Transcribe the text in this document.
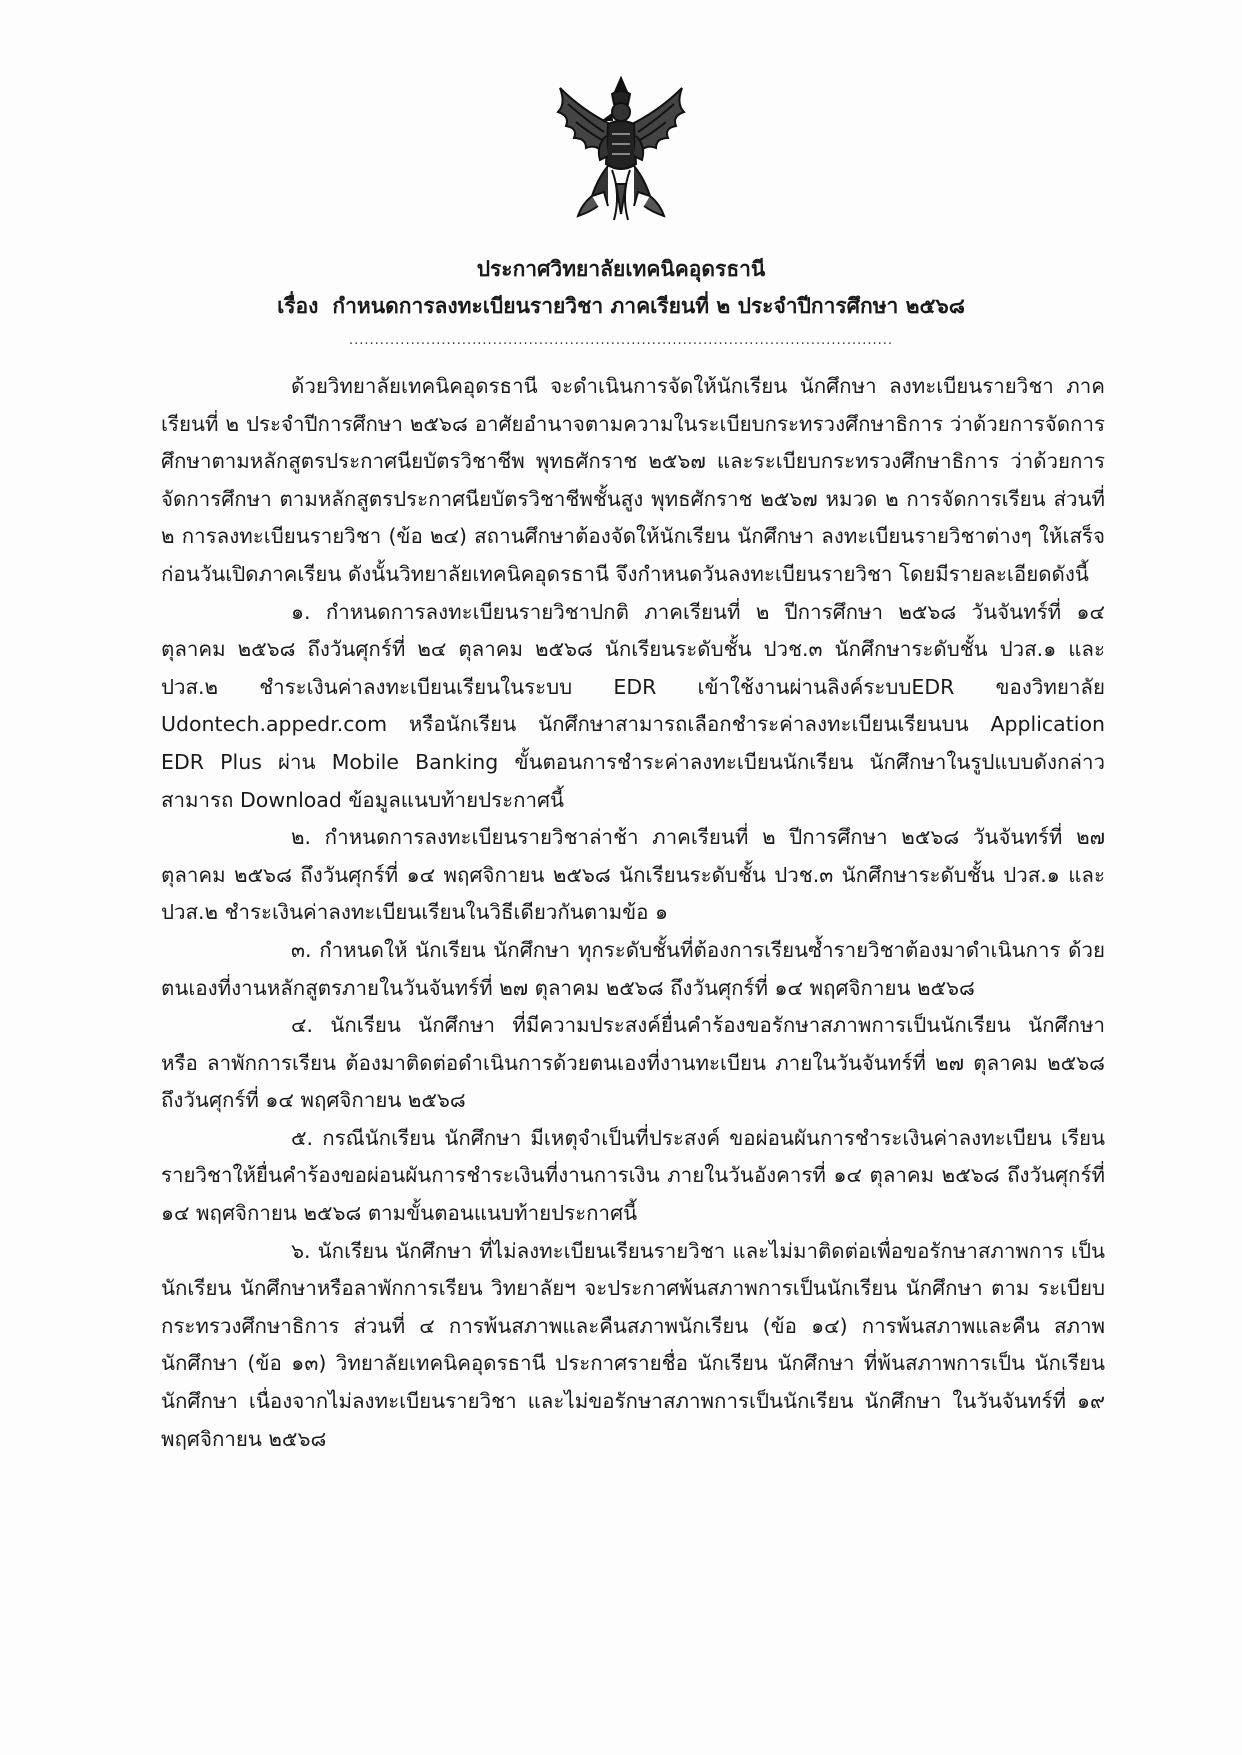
ประกาศวิทยาลัยเทคนิคอุดรธานี
เรื่อง กำหนดการลงทะเบียนรายวิชา ภาคเรียนที่ ๒ ประจำปีการศึกษา ๒๕๖๘
..........................................................................................................

ด้วยวิทยาลัยเทคนิคอุดรธานี จะดำเนินการจัดให้นักเรียน นักศึกษา ลงทะเบียนรายวิชา ภาคเรียนที่ ๒ ประจำปีการศึกษา ๒๕๖๘ อาศัยอำนาจตามความในระเบียบกระทรวงศึกษาธิการ ว่าด้วยการจัดการศึกษาตามหลักสูตรประกาศนียบัตรวิชาชีพ พุทธศักราช ๒๕๖๗ และระเบียบกระทรวงศึกษาธิการ ว่าด้วยการจัดการศึกษา ตามหลักสูตรประกาศนียบัตรวิชาชีพชั้นสูง พุทธศักราช ๒๕๖๗ หมวด ๒ การจัดการเรียน ส่วนที่ ๒ การลงทะเบียนรายวิชา (ข้อ ๒๔) สถานศึกษาต้องจัดให้นักเรียน นักศึกษา ลงทะเบียนรายวิชาต่างๆ ให้เสร็จก่อนวันเปิดภาคเรียน ดังนั้นวิทยาลัยเทคนิคอุดรธานี จึงกำหนดวันลงทะเบียนรายวิชา โดยมีรายละเอียดดังนี้

๑. กำหนดการลงทะเบียนรายวิชาปกติ ภาคเรียนที่ ๒ ปีการศึกษา ๒๕๖๘ วันจันทร์ที่ ๑๔ ตุลาคม ๒๕๖๘ ถึงวันศุกร์ที่ ๒๔ ตุลาคม ๒๕๖๘ นักเรียนระดับชั้น ปวช.๓ นักศึกษาระดับชั้น ปวส.๑ และ ปวส.๒ ชำระเงินค่าลงทะเบียนเรียนในระบบ EDR เข้าใช้งานผ่านลิงค์ระบบEDR ของวิทยาลัย Udontech.appedr.com หรือนักเรียน นักศึกษาสามารถเลือกชำระค่าลงทะเบียนเรียนบน Application EDR Plus ผ่าน Mobile Banking ขั้นตอนการชำระค่าลงทะเบียนนักเรียน นักศึกษาในรูปแบบดังกล่าว สามารถ Download ข้อมูลแนบท้ายประกาศนี้

๒. กำหนดการลงทะเบียนรายวิชาล่าช้า ภาคเรียนที่ ๒ ปีการศึกษา ๒๕๖๘ วันจันทร์ที่ ๒๗ ตุลาคม ๒๕๖๘ ถึงวันศุกร์ที่ ๑๔ พฤศจิกายน ๒๕๖๘ นักเรียนระดับชั้น ปวช.๓ นักศึกษาระดับชั้น ปวส.๑ และ ปวส.๒ ชำระเงินค่าลงทะเบียนเรียนในวิธีเดียวกันตามข้อ ๑

๓. กำหนดให้ นักเรียน นักศึกษา ทุกระดับชั้นที่ต้องการเรียนซ้ำรายวิชาต้องมาดำเนินการ ด้วยตนเองที่งานหลักสูตรภายในวันจันทร์ที่ ๒๗ ตุลาคม ๒๕๖๘ ถึงวันศุกร์ที่ ๑๔ พฤศจิกายน ๒๕๖๘

๔. นักเรียน นักศึกษา ที่มีความประสงค์ยื่นคำร้องขอรักษาสภาพการเป็นนักเรียน นักศึกษา หรือ ลาพักการเรียน ต้องมาติดต่อดำเนินการด้วยตนเองที่งานทะเบียน ภายในวันจันทร์ที่ ๒๗ ตุลาคม ๒๕๖๘ ถึงวันศุกร์ที่ ๑๔ พฤศจิกายน ๒๕๖๘

๕. กรณีนักเรียน นักศึกษา มีเหตุจำเป็นที่ประสงค์ ขอผ่อนผันการชำระเงินค่าลงทะเบียน เรียนรายวิชาให้ยื่นคำร้องขอผ่อนผันการชำระเงินที่งานการเงิน ภายในวันอังคารที่ ๑๔ ตุลาคม ๒๕๖๘ ถึงวันศุกร์ที่ ๑๔ พฤศจิกายน ๒๕๖๘ ตามขั้นตอนแนบท้ายประกาศนี้

๖. นักเรียน นักศึกษา ที่ไม่ลงทะเบียนเรียนรายวิชา และไม่มาติดต่อเพื่อขอรักษาสภาพการ เป็นนักเรียน นักศึกษาหรือลาพักการเรียน วิทยาลัยฯ จะประกาศพ้นสภาพการเป็นนักเรียน นักศึกษา ตาม ระเบียบกระทรวงศึกษาธิการ ส่วนที่ ๔ การพ้นสภาพและคืนสภาพนักเรียน (ข้อ ๑๔) การพ้นสภาพและคืน สภาพนักศึกษา (ข้อ ๑๓) วิทยาลัยเทคนิคอุดรธานี ประกาศรายชื่อ นักเรียน นักศึกษา ที่พ้นสภาพการเป็น นักเรียน นักศึกษา เนื่องจากไม่ลงทะเบียนรายวิชา และไม่ขอรักษาสภาพการเป็นนักเรียน นักศึกษา ในวันจันทร์ที่ ๑๙ พฤศจิกายน ๒๕๖๘
